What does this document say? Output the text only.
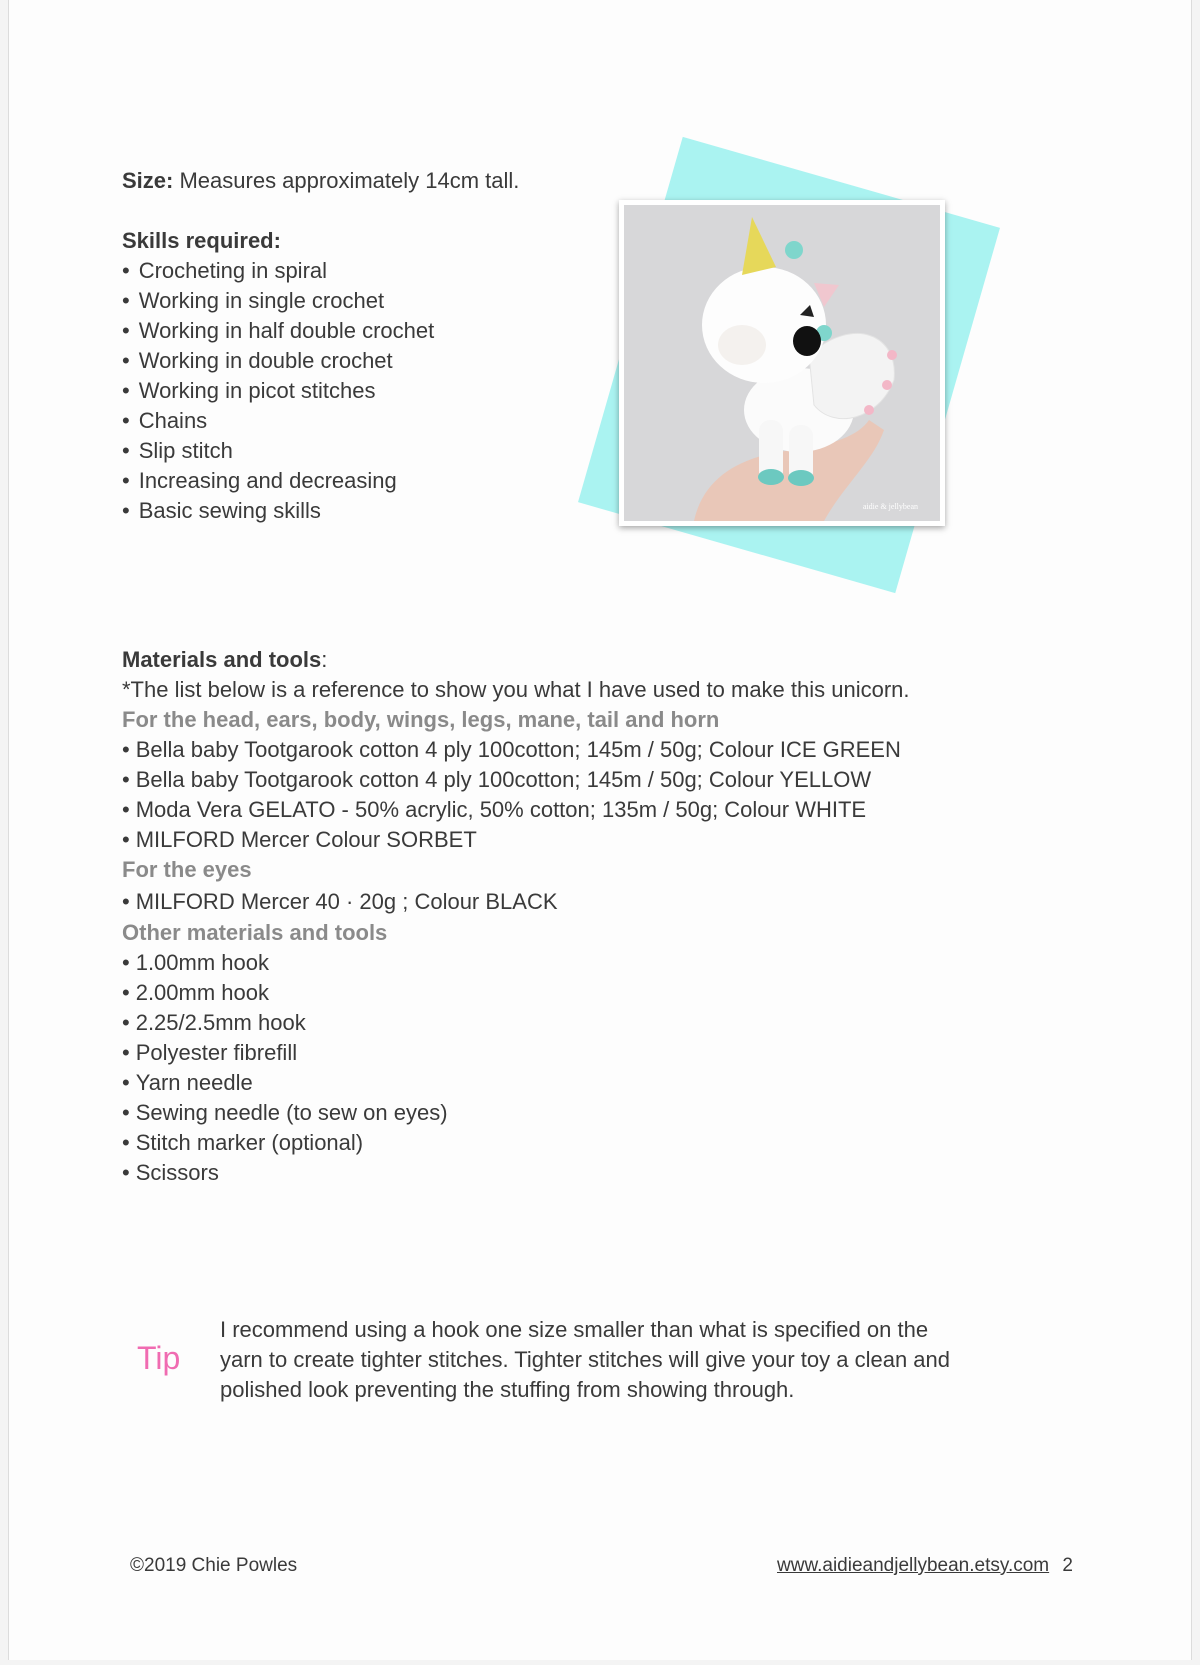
Size: Measures approximately 14cm tall.
Skills required:
• Crocheting in spiral
• Working in single crochet
• Working in half double crochet
• Working in double crochet
• Working in picot stitches
• Chains
• Slip stitch
• Increasing and decreasing
• Basic sewing skills	aidie & jellybean
Materials and tools:
*The list below is a reference to show you what I have used to make this unicorn.
For the head, ears, body, wings, legs, mane, tail and horn
• Bella baby Tootgarook cotton 4 ply 100cotton; 145m / 50g; Colour ICE GREEN
• Bella baby Tootgarook cotton 4 ply 100cotton; 145m / 50g; Colour YELLOW
• Moda Vera GELATO - 50% acrylic, 50% cotton; 135m / 50g; Colour WHITE
• MILFORD Mercer Colour SORBET
For the eyes
• MILFORD Mercer 40 · 20g ; Colour BLACK
Other materials and tools
• 1.00mm hook
• 2.00mm hook
• 2.25/2.5mm hook
• Polyester fibrefill
• Yarn needle
• Sewing needle (to sew on eyes)
• Stitch marker (optional)
• Scissors
Tip
I recommend using a hook one size smaller than what is specified on the
yarn to create tighter stitches. Tighter stitches will give your toy a clean and
polished look preventing the stuffing from showing through.
©2019 Chie Powles	www.aidieandjellybean.etsy.com 2
